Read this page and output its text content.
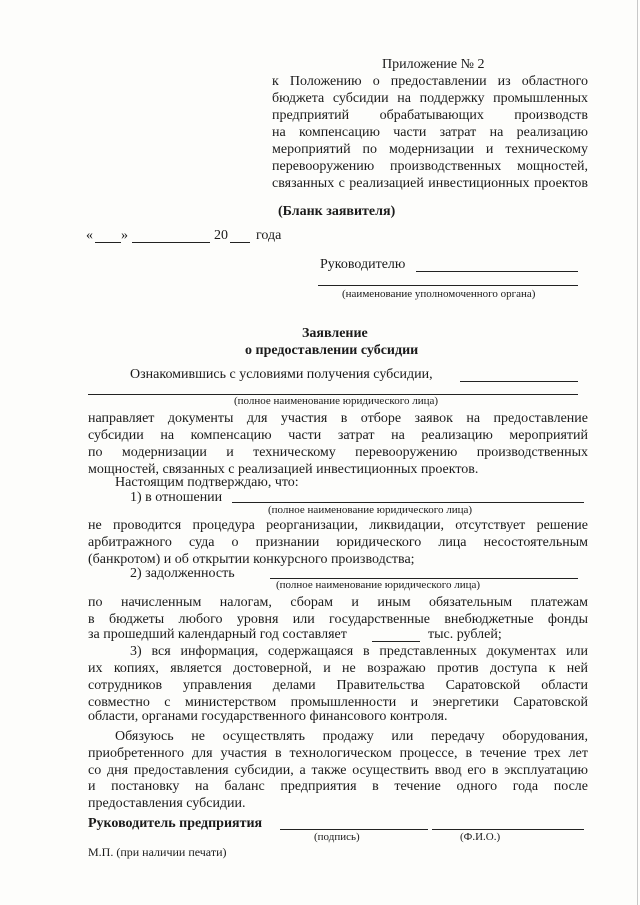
Приложение № 2
к Положению о предоставлении из областного
бюджета субсидии на поддержку промышленных
предприятий обрабатывающих производств
на компенсацию части затрат на реализацию
мероприятий по модернизации и техническому
перевооружению производственных мощностей,
связанных с реализацией инвестиционных проектов
(Бланк заявителя)
« »	20 года
Руководителю
(наименование уполномоченного органа)
Заявление
о предоставлении субсидии
Ознакомившись с условиями получения субсидии,
(полное наименование юридического лица)
направляет документы для участия в отборе заявок на предоставление
субсидии на компенсацию части затрат на реализацию мероприятий
по модернизации и техническому перевооружению производственных
мощностей, связанных с реализацией инвестиционных проектов.
Настоящим подтверждаю, что:
1) в отношении
(полное наименование юридического лица)
не проводится процедура реорганизации, ликвидации, отсутствует решение
арбитражного суда о признании юридического лица несостоятельным
(банкротом) и об открытии конкурсного производства;
2) задолженность
(полное наименование юридического лица)
по начисленным налогам, сборам и иным обязательным платежам
в бюджеты любого уровня или государственные внебюджетные фонды
за прошедший календарный год составляет	тыс. рублей;
3) вся информация, содержащаяся в представленных документах или
их копиях, является достоверной, и не возражаю против доступа к ней
сотрудников управления делами Правительства Саратовской области
совместно с министерством промышленности и энергетики Саратовской
области, органами государственного финансового контроля.
Обязуюсь не осуществлять продажу или передачу оборудования,
приобретенного для участия в технологическом процессе, в течение трех лет
со дня предоставления субсидии, а также осуществить ввод его в эксплуатацию
и постановку на баланс предприятия в течение одного года после
предоставления субсидии.
Руководитель предприятия
(подпись)	(Ф.И.О.)
М.П. (при наличии печати)
